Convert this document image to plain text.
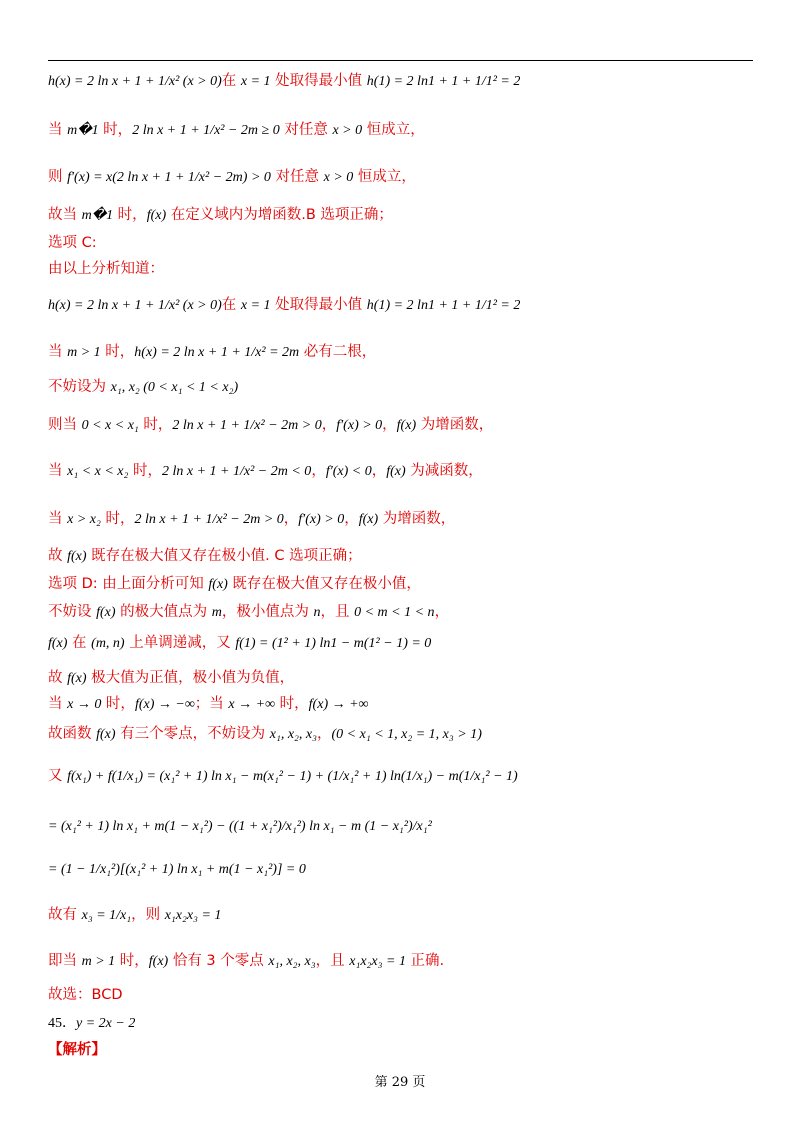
h(x) = 2 ln x + 1 + 1/x² (x > 0)在 x = 1 处取得最小值 h(1) = 2 ln1 + 1 + 1/1² = 2
当 m�1 时，2 ln x + 1 + 1/x² − 2m ≥ 0 对任意 x > 0 恒成立，
则 f′(x) = x(2 ln x + 1 + 1/x² − 2m) > 0 对任意 x > 0 恒成立，
故当 m�1 时，f(x) 在定义域内为增函数.B 选项正确；
选项 C:
由以上分析知道：
h(x) = 2 ln x + 1 + 1/x² (x > 0)在 x = 1 处取得最小值 h(1) = 2 ln1 + 1 + 1/1² = 2
当 m > 1 时，h(x) = 2 ln x + 1 + 1/x² = 2m 必有二根，
不妨设为 x₁, x₂ (0 < x₁ < 1 < x₂)
则当 0 < x < x₁ 时，2 ln x + 1 + 1/x² − 2m > 0，f′(x) > 0，f(x) 为增函数，
当 x₁ < x < x₂ 时，2 ln x + 1 + 1/x² − 2m < 0，f′(x) < 0，f(x) 为减函数，
当 x > x₂ 时，2 ln x + 1 + 1/x² − 2m > 0，f′(x) > 0，f(x) 为增函数，
故 f(x) 既存在极大值又存在极小值. C 选项正确；
选项 D: 由上面分析可知 f(x) 既存在极大值又存在极小值，
不妨设 f(x) 的极大值点为 m，极小值点为 n，且 0 < m < 1 < n，
f(x) 在 (m, n) 上单调递减，又 f(1) = (1² + 1) ln1 − m(1² − 1) = 0
故 f(x) 极大值为正值，极小值为负值，
当 x → 0 时，f(x) → −∞；当 x → +∞ 时，f(x) → +∞
故函数 f(x) 有三个零点，不妨设为 x₁, x₂, x₃，(0 < x₁ < 1, x₂ = 1, x₃ > 1)
又 f(x₁) + f(1/x₁) = (x₁² + 1) ln x₁ − m(x₁² − 1) + (1/x₁² + 1) ln(1/x₁) − m(1/x₁² − 1)
= (x₁² + 1) ln x₁ + m(1 − x₁²) − ((1 + x₁²)/x₁²) ln x₁ − m (1 − x₁²)/x₁²
= (1 − 1/x₁²)[(x₁² + 1) ln x₁ + m(1 − x₁²)] = 0
故有 x₃ = 1/x₁，则 x₁x₂x₃ = 1
即当 m > 1 时，f(x) 恰有 3 个零点 x₁, x₂, x₃，且 x₁x₂x₃ = 1 正确.
故选：BCD
45．y = 2x − 2
【解析】
第 29 页
